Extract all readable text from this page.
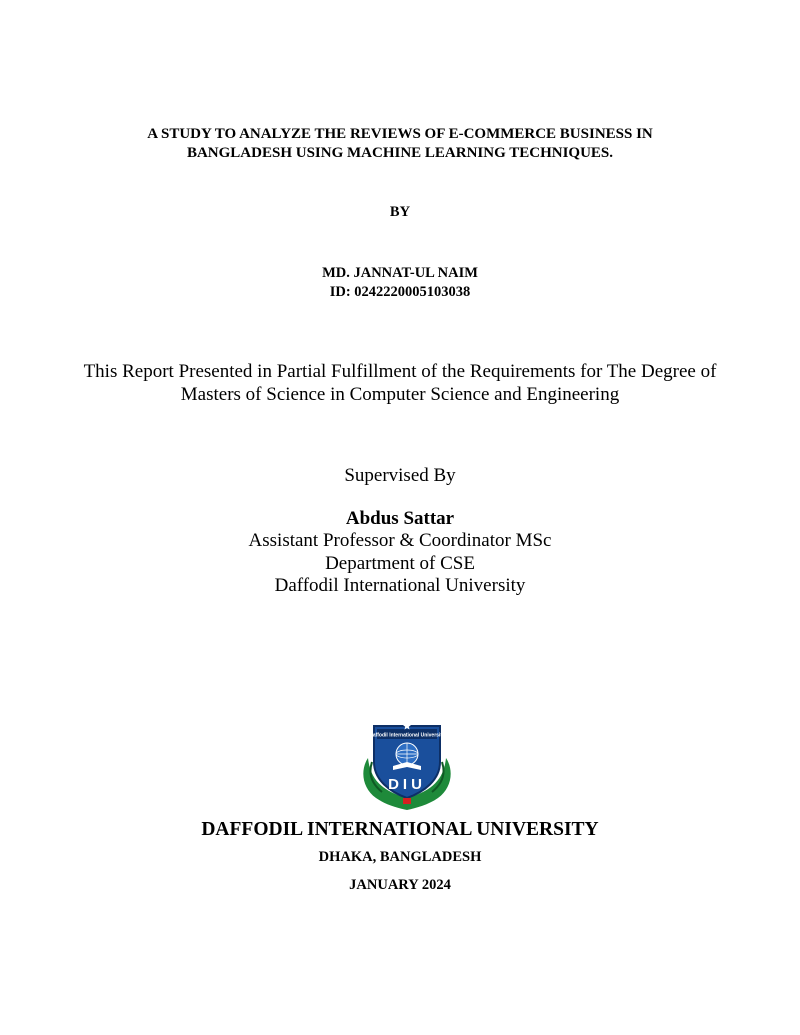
A STUDY TO ANALYZE THE REVIEWS OF E-COMMERCE BUSINESS IN
BANGLADESH USING MACHINE LEARNING TECHNIQUES.
BY
MD. JANNAT-UL NAIM
ID: 0242220005103038
This Report Presented in Partial Fulfillment of the Requirements for The Degree of
Masters of Science in Computer Science and Engineering
Supervised By
Abdus Sattar
Assistant Professor & Coordinator MSc
Department of CSE
Daffodil International University
Daffodil International University
DIU
DAFFODIL INTERNATIONAL UNIVERSITY
DHAKA, BANGLADESH
JANUARY 2024
